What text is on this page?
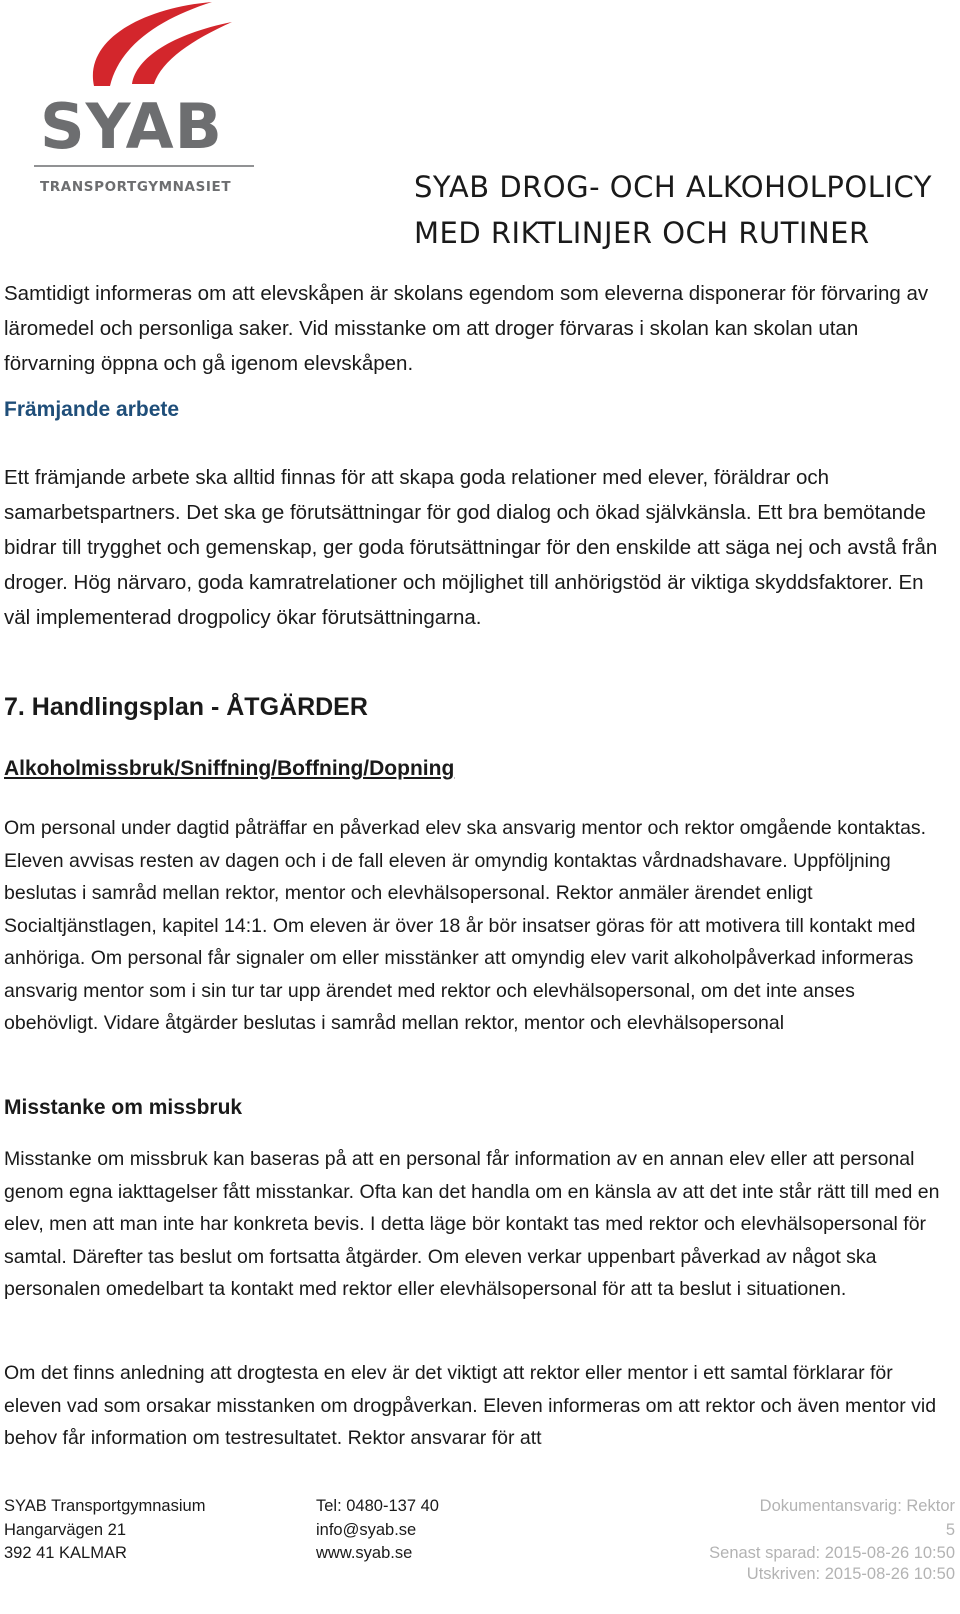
SYAB
TRANSPORTGYMNASIET	SYAB DROG- OCH ALKOHOLPOLICY
MED RIKTLINJER OCH RUTINER
Samtidigt informeras om att elevskåpen är skolans egendom som eleverna disponerar för förvaring av läromedel och personliga saker. Vid misstanke om att droger förvaras i skolan kan skolan utan förvarning öppna och gå igenom elevskåpen.
Främjande arbete
Ett främjande arbete ska alltid finnas för att skapa goda relationer med elever, föräldrar och samarbetspartners. Det ska ge förutsättningar för god dialog och ökad självkänsla. Ett bra bemötande bidrar till trygghet och gemenskap, ger goda förutsättningar för den enskilde att säga nej och avstå från droger. Hög närvaro, goda kamratrelationer och möjlighet till anhörigstöd är viktiga skyddsfaktorer. En väl implementerad drogpolicy ökar förutsättningarna.
7. Handlingsplan - ÅTGÄRDER
Alkoholmissbruk/Sniffning/Boffning/Dopning
Om personal under dagtid påträffar en påverkad elev ska ansvarig mentor och rektor omgående kontaktas. Eleven avvisas resten av dagen och i de fall eleven är omyndig kontaktas vårdnadshavare. Uppföljning beslutas i samråd mellan rektor, mentor och elevhälsopersonal. Rektor anmäler ärendet enligt Socialtjänstlagen, kapitel 14:1. Om eleven är över 18 år bör insatser göras för att motivera till kontakt med anhöriga. Om personal får signaler om eller misstänker att omyndig elev varit alkoholpåverkad informeras ansvarig mentor som i sin tur tar upp ärendet med rektor och elevhälsopersonal, om det inte anses obehövligt. Vidare åtgärder beslutas i samråd mellan rektor, mentor och elevhälsopersonal
Misstanke om missbruk
Misstanke om missbruk kan baseras på att en personal får information av en annan elev eller att personal genom egna iakttagelser fått misstankar. Ofta kan det handla om en känsla av att det inte står rätt till med en elev, men att man inte har konkreta bevis. I detta läge bör kontakt tas med rektor och elevhälsopersonal för samtal. Därefter tas beslut om fortsatta åtgärder. Om eleven verkar uppenbart påverkad av något ska personalen omedelbart ta kontakt med rektor eller elevhälsopersonal för att ta beslut i situationen.
Om det finns anledning att drogtesta en elev är det viktigt att rektor eller mentor i ett samtal förklarar för eleven vad som orsakar misstanken om drogpåverkan. Eleven informeras om att rektor och även mentor vid behov får information om testresultatet. Rektor ansvarar för att
SYAB Transportgymnasium
Hangarvägen 21
392 41 KALMAR
Tel: 0480-137 40
info@syab.se
www.syab.se
Dokumentansvarig: Rektor
5
Senast sparad: 2015-08-26 10:50
Utskriven: 2015-08-26 10:50
